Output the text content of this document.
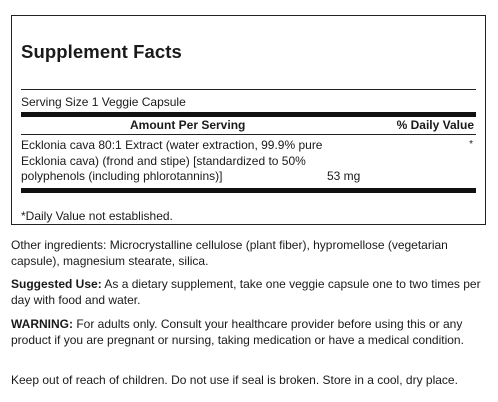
Supplement Facts
Serving Size 1 Veggie Capsule
Amount Per Serving	% Daily Value
Ecklonia cava 80:1 Extract (water extraction, 99.9% pure Ecklonia cava) (frond and stipe) [standardized to 50% polyphenols (including phlorotannins)]	53 mg
*
*Daily Value not established.
Other ingredients: Microcrystalline cellulose (plant fiber), hypromellose (vegetarian capsule), magnesium stearate, silica.
Suggested Use: As a dietary supplement, take one veggie capsule one to two times per day with food and water.
WARNING: For adults only. Consult your healthcare provider before using this or any product if you are pregnant or nursing, taking medication or have a medical condition.
Keep out of reach of children. Do not use if seal is broken. Store in a cool, dry place.
